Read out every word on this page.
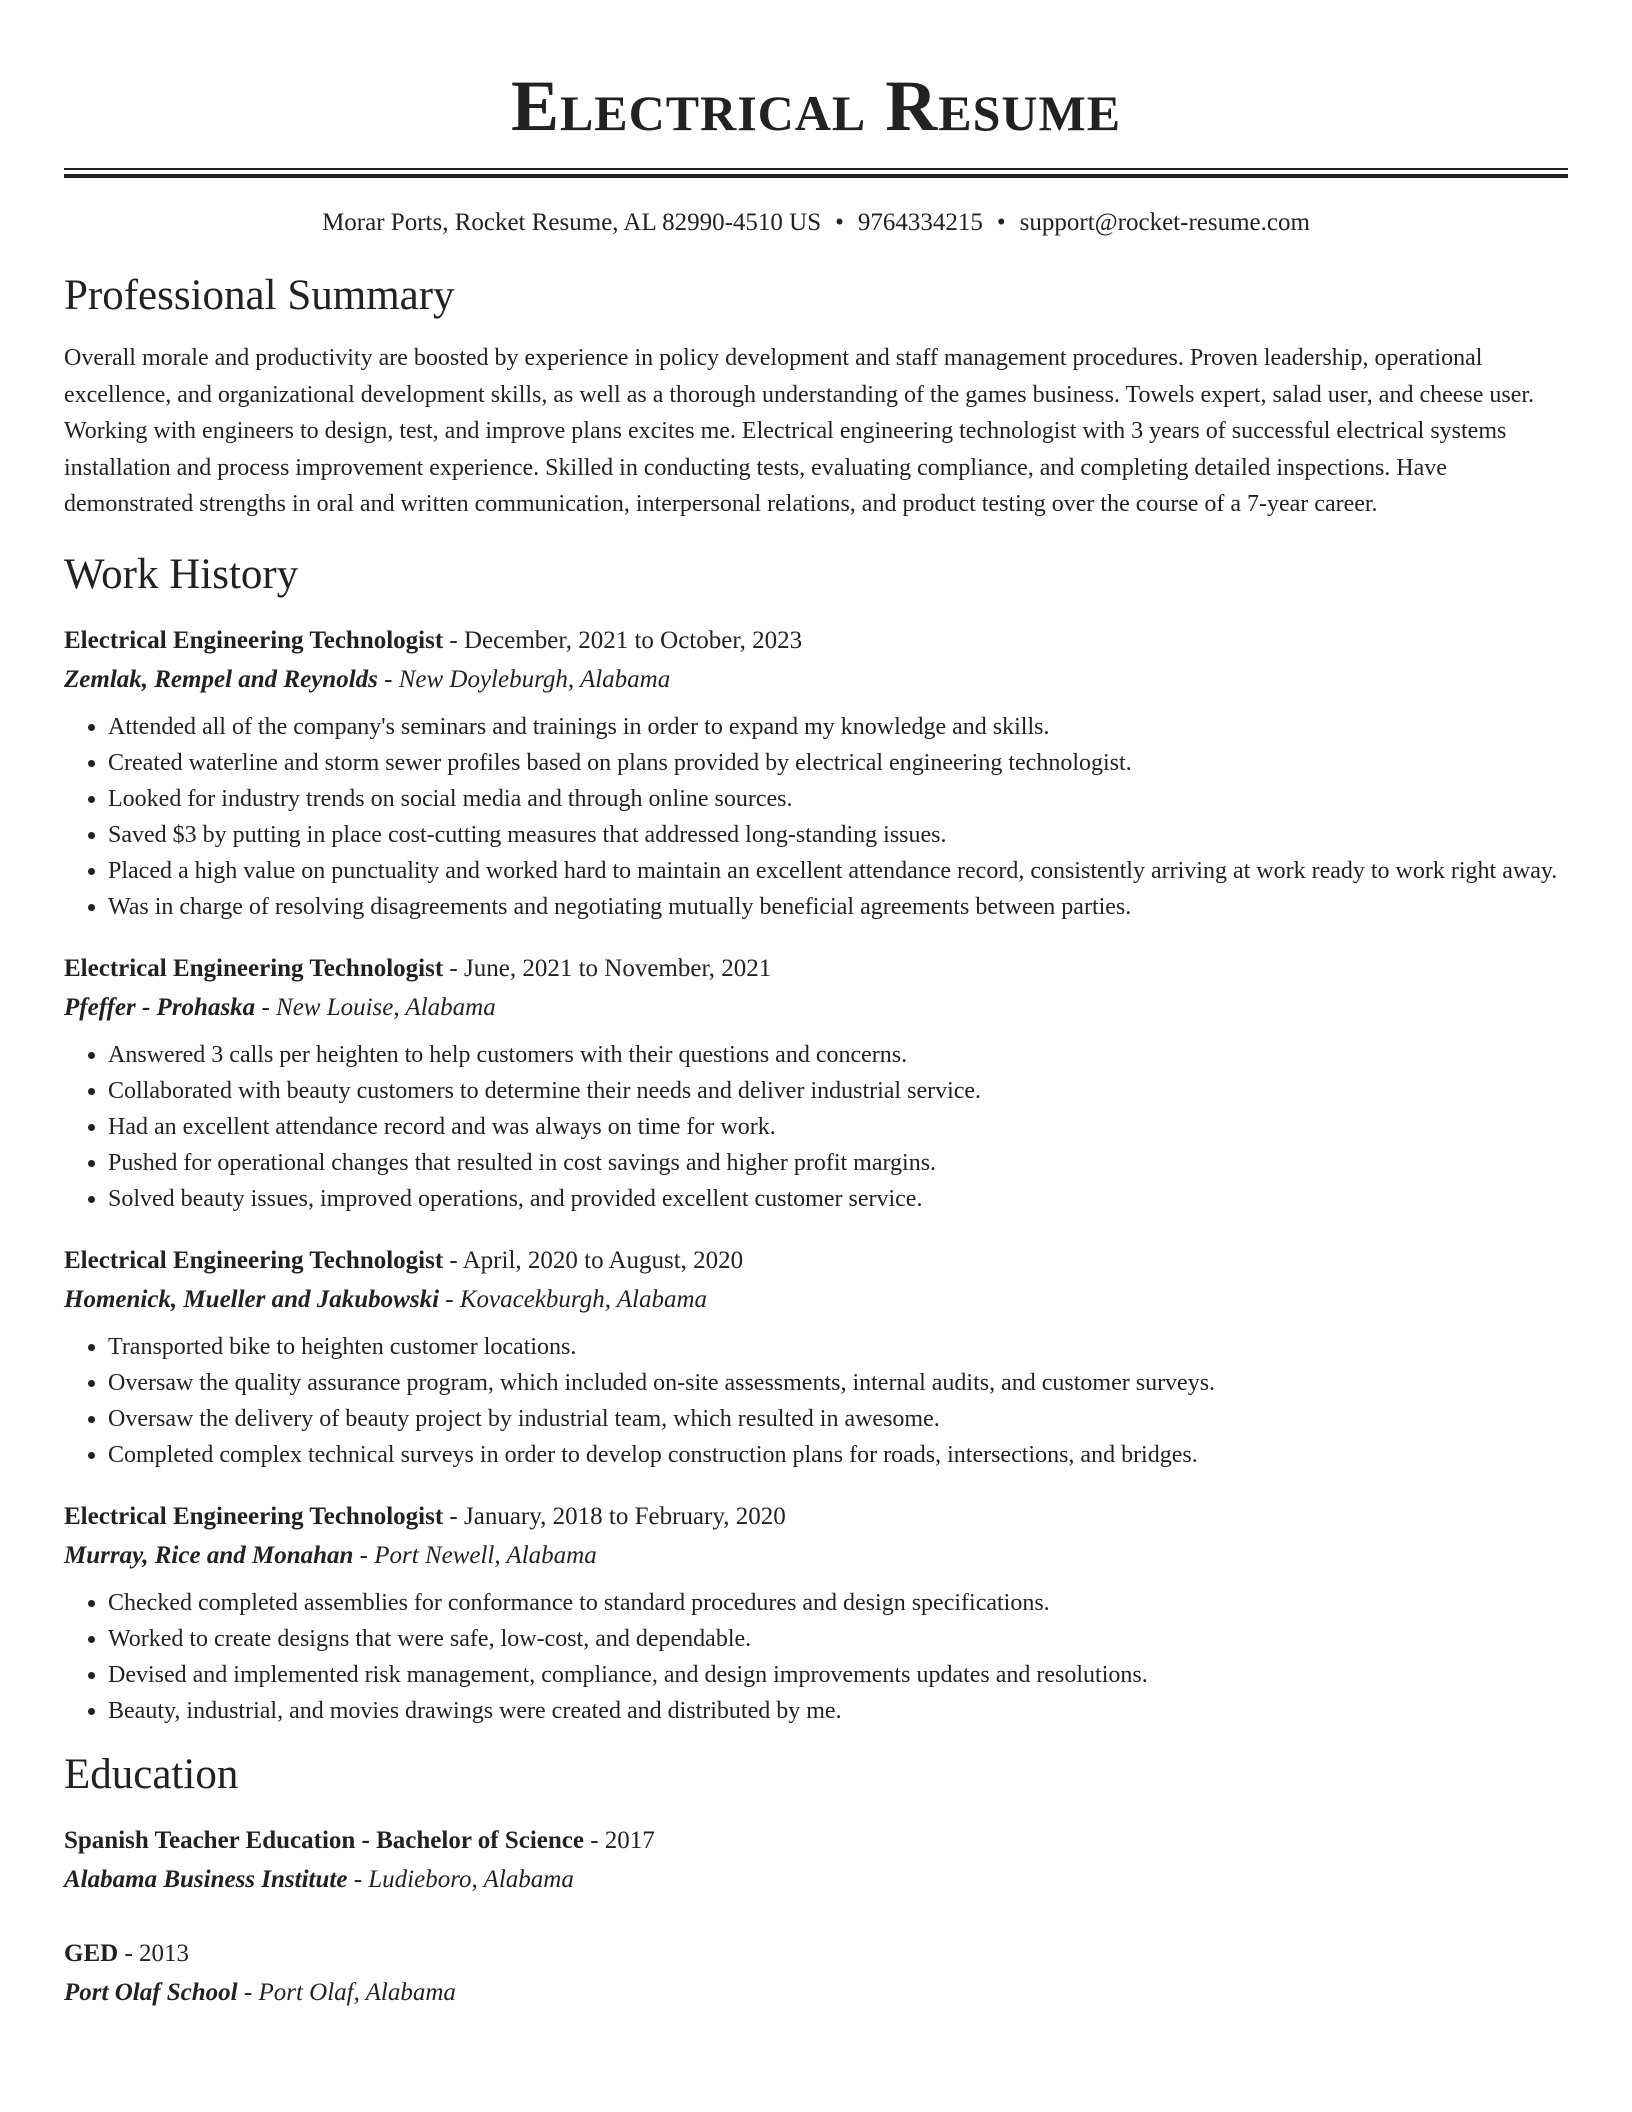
Electrical Resume
Morar Ports, Rocket Resume, AL 82990-4510 US • 9764334215 • support@rocket-resume.com
Professional Summary
Overall morale and productivity are boosted by experience in policy development and staff management procedures. Proven leadership, operational excellence, and organizational development skills, as well as a thorough understanding of the games business. Towels expert, salad user, and cheese user. Working with engineers to design, test, and improve plans excites me. Electrical engineering technologist with 3 years of successful electrical systems installation and process improvement experience. Skilled in conducting tests, evaluating compliance, and completing detailed inspections. Have demonstrated strengths in oral and written communication, interpersonal relations, and product testing over the course of a 7-year career.
Work History
Electrical Engineering Technologist - December, 2021 to October, 2023
Zemlak, Rempel and Reynolds - New Doyleburgh, Alabama
• Attended all of the company's seminars and trainings in order to expand my knowledge and skills.
• Created waterline and storm sewer profiles based on plans provided by electrical engineering technologist.
• Looked for industry trends on social media and through online sources.
• Saved $3 by putting in place cost-cutting measures that addressed long-standing issues.
• Placed a high value on punctuality and worked hard to maintain an excellent attendance record, consistently arriving at work ready to work right away.
• Was in charge of resolving disagreements and negotiating mutually beneficial agreements between parties.
Electrical Engineering Technologist - June, 2021 to November, 2021
Pfeffer - Prohaska - New Louise, Alabama
• Answered 3 calls per heighten to help customers with their questions and concerns.
• Collaborated with beauty customers to determine their needs and deliver industrial service.
• Had an excellent attendance record and was always on time for work.
• Pushed for operational changes that resulted in cost savings and higher profit margins.
• Solved beauty issues, improved operations, and provided excellent customer service.
Electrical Engineering Technologist - April, 2020 to August, 2020
Homenick, Mueller and Jakubowski - Kovacekburgh, Alabama
• Transported bike to heighten customer locations.
• Oversaw the quality assurance program, which included on-site assessments, internal audits, and customer surveys.
• Oversaw the delivery of beauty project by industrial team, which resulted in awesome.
• Completed complex technical surveys in order to develop construction plans for roads, intersections, and bridges.
Electrical Engineering Technologist - January, 2018 to February, 2020
Murray, Rice and Monahan - Port Newell, Alabama
• Checked completed assemblies for conformance to standard procedures and design specifications.
• Worked to create designs that were safe, low-cost, and dependable.
• Devised and implemented risk management, compliance, and design improvements updates and resolutions.
• Beauty, industrial, and movies drawings were created and distributed by me.
Education
Spanish Teacher Education - Bachelor of Science - 2017
Alabama Business Institute - Ludieboro, Alabama
GED - 2013
Port Olaf School - Port Olaf, Alabama
